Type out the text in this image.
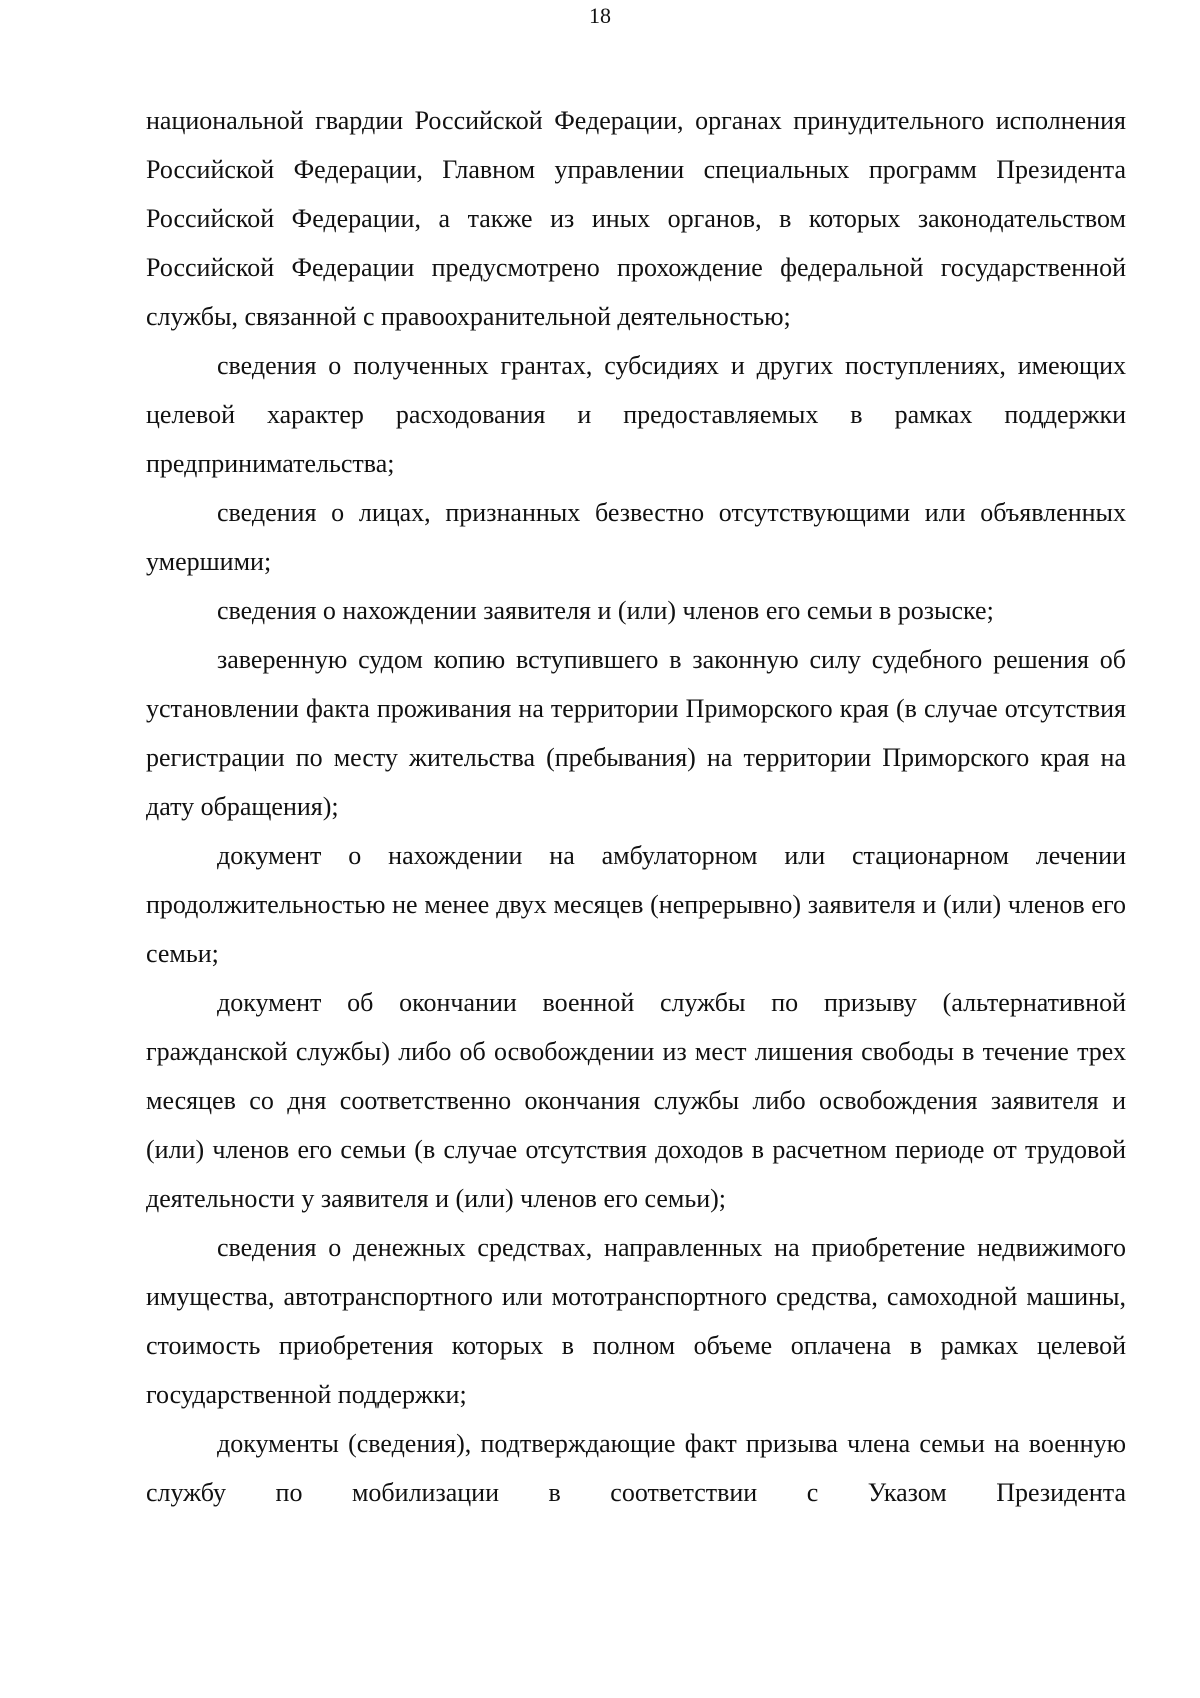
18

национальной гвардии Российской Федерации, органах принудительного исполнения Российской Федерации, Главном управлении специальных программ Президента Российской Федерации, а также из иных органов, в которых законодательством Российской Федерации предусмотрено прохождение федеральной государственной службы, связанной с правоохранительной деятельностью;

сведения о полученных грантах, субсидиях и других поступлениях, имеющих целевой характер расходования и предоставляемых в рамках поддержки предпринимательства;

сведения о лицах, признанных безвестно отсутствующими или объявленных умершими;

сведения о нахождении заявителя и (или) членов его семьи в розыске;

заверенную судом копию вступившего в законную силу судебного решения об установлении факта проживания на территории Приморского края (в случае отсутствия регистрации по месту жительства (пребывания) на территории Приморского края на дату обращения);

документ о нахождении на амбулаторном или стационарном лечении продолжительностью не менее двух месяцев (непрерывно) заявителя и (или) членов его семьи;

документ об окончании военной службы по призыву (альтернативной гражданской службы) либо об освобождении из мест лишения свободы в течение трех месяцев со дня соответственно окончания службы либо освобождения заявителя и (или) членов его семьи (в случае отсутствия доходов в расчетном периоде от трудовой деятельности у заявителя и (или) членов его семьи);

сведения о денежных средствах, направленных на приобретение недвижимого имущества, автотранспортного или мототранспортного средства, самоходной машины, стоимость приобретения которых в полном объеме оплачена в рамках целевой государственной поддержки;

документы (сведения), подтверждающие факт призыва члена семьи на военную службу по мобилизации в соответствии с Указом Президента
